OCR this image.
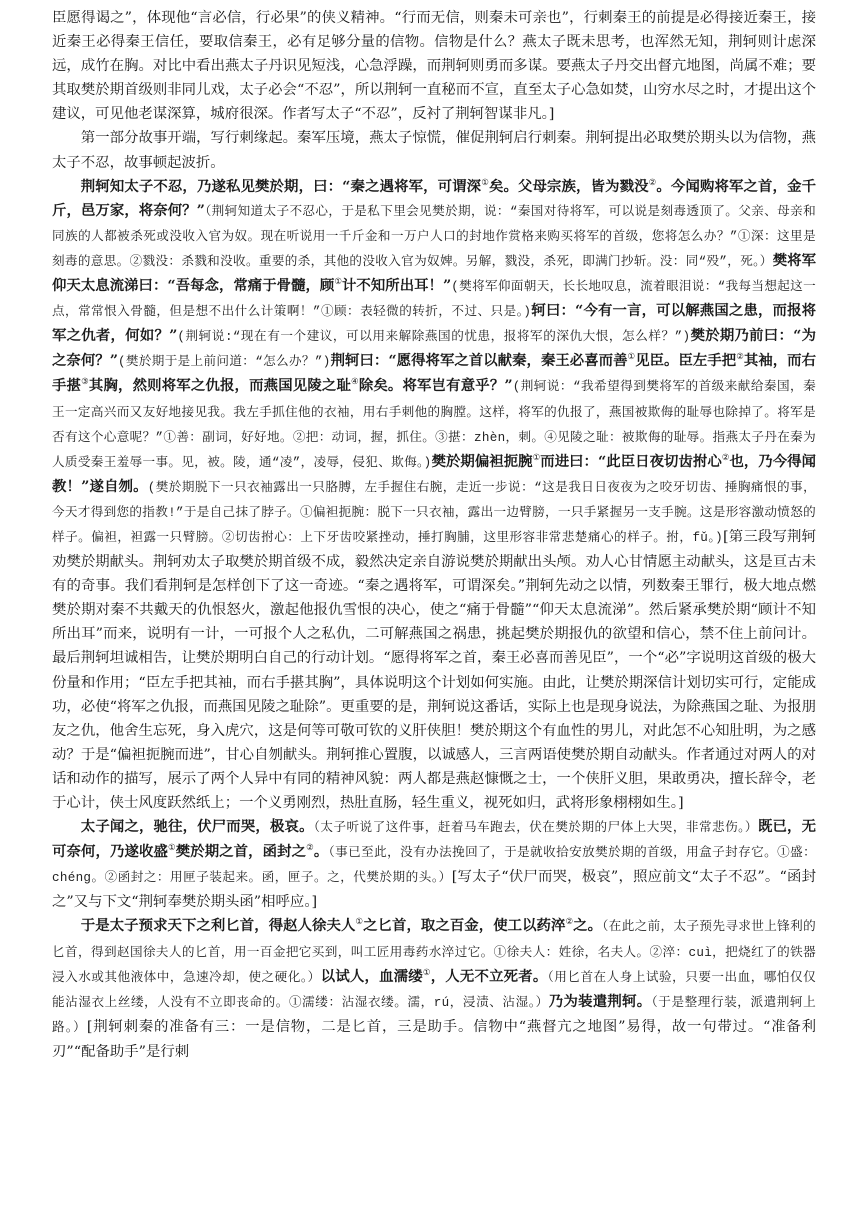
臣愿得谒之”，体现他“言必信，行必果”的侠义精神。“行而无信，则秦未可亲也”，行刺秦王的前提是必得接近秦王，接近秦王必得秦王信任，要取信秦王，必有足够分量的信物。信物是什么？燕太子既未思考，也浑然无知，荆轲则计虑深远，成竹在胸。对比中看出燕太子丹识见短浅，心急浮躁，而荆轲则勇而多谋。要燕太子丹交出督亢地图，尚属不难；要其取樊於期首级则非同儿戏，太子必会“不忍”，所以荆轲一直秘而不宣，直至太子心急如焚，山穷水尽之时，才提出这个建议，可见他老谋深算，城府很深。作者写太子“不忍”，反衬了荆轲智谋非凡。]

第一部分故事开端，写行刺缘起。秦军压境，燕太子惊慌，催促荆轲启行刺秦。荆轲提出必取樊於期头以为信物，燕太子不忍，故事顿起波折。

荆轲知太子不忍，乃遂私见樊於期，曰：“秦之遇将军，可谓深①矣。父母宗族，皆为戮没②。今闻购将军之首，金千斤，邑万家，将奈何？”（荆轲知道太子不忍心，于是私下里会见樊於期，说：“秦国对待将军，可以说是刻毒透顶了。父亲、母亲和同族的人都被杀死或没收入官为奴。现在听说用一千斤金和一万户人口的封地作赏格来购买将军的首级，您将怎么办？”①深：这里是刻毒的意思。②戮没：杀戮和没收。重要的杀，其他的没收入官为奴婢。另解，戮没，杀死，即满门抄斩。没：同“殁”，死。）樊将军仰天太息流涕曰：“吾每念，常痛于骨髓，顾①计不知所出耳！”(樊将军仰面朝天，长长地叹息，流着眼泪说：“我每当想起这一点，常常恨入骨髓，但是想不出什么计策啊！”①顾：表轻微的转折，不过、只是。)轲曰：“今有一言，可以解燕国之患，而报将军之仇者，何如？”(荆轲说:“现在有一个建议，可以用来解除燕国的忧患，报将军的深仇大恨，怎么样？”)樊於期乃前曰：“为之奈何？”(樊於期于是上前问道：“怎么办？”)荆轲曰：“愿得将军之首以献秦，秦王必喜而善①见臣。臣左手把②其袖，而右手揕③其胸，然则将军之仇报，而燕国见陵之耻④除矣。将军岂有意乎？”(荆轲说：“我希望得到樊将军的首级来献给秦国，秦王一定高兴而又友好地接见我。我左手抓住他的衣袖，用右手刺他的胸膛。这样，将军的仇报了，燕国被欺侮的耻辱也除掉了。将军是否有这个心意呢？”①善：副词，好好地。②把：动词，握，抓住。③揕：zhèn，刺。④见陵之耻：被欺侮的耻辱。指燕太子丹在秦为人质受秦王羞辱一事。见，被。陵，通“凌”，凌辱，侵犯、欺侮。)樊於期偏袒扼腕①而进曰：“此臣日夜切齿拊心②也，乃今得闻教！”遂自刎。(樊於期脱下一只衣袖露出一只胳膊，左手握住右腕，走近一步说：“这是我日日夜夜为之咬牙切齿、捶胸痛恨的事，今天才得到您的指教!”于是自己抹了脖子。①偏袒扼腕：脱下一只衣袖，露出一边臂膀，一只手紧握另一支手腕。这是形容激动愤怒的样子。偏袒，袒露一只臂膀。②切齿拊心：上下牙齿咬紧挫动，捶打胸脯，这里形容非常悲楚痛心的样子。拊，fǔ。)[第三段写荆轲劝樊於期献头。荆轲劝太子取樊於期首级不成，毅然决定亲自游说樊於期献出头颅。劝人心甘情愿主动献头，这是亘古未有的奇事。我们看荆轲是怎样创下了这一奇迹。“秦之遇将军，可谓深矣。”荆轲先动之以情，列数秦王罪行，极大地点燃樊於期对秦不共戴天的仇恨怒火，激起他报仇雪恨的决心，使之“痛于骨髓”“仰天太息流涕”。然后紧承樊於期“顾计不知所出耳”而来，说明有一计，一可报个人之私仇，二可解燕国之祸患，挑起樊於期报仇的欲望和信心，禁不住上前问计。最后荆轲坦诚相告，让樊於期明白自己的行动计划。“愿得将军之首，秦王必喜而善见臣”，一个“必”字说明这首级的极大份量和作用；“臣左手把其袖，而右手揕其胸”，具体说明这个计划如何实施。由此，让樊於期深信计划切实可行，定能成功，必使“将军之仇报，而燕国见陵之耻除”。更重要的是，荆轲说这番话，实际上也是现身说法，为除燕国之耻、为报朋友之仇，他舍生忘死，身入虎穴，这是何等可敬可钦的义肝侠胆！樊於期这个有血性的男儿，对此怎不心知肚明，为之感动？于是“偏袒扼腕而进”，甘心自刎献头。荆轲推心置腹，以诚感人，三言两语使樊於期自动献头。作者通过对两人的对话和动作的描写，展示了两个人异中有同的精神风貌：两人都是燕赵慷慨之士，一个侠肝义胆，果敢勇决，擅长辞令，老于心计，侠士风度跃然纸上；一个义勇刚烈，热肚直肠，轻生重义，视死如归，武将形象栩栩如生。]

太子闻之，驰往，伏尸而哭，极哀。（太子听说了这件事，赶着马车跑去，伏在樊於期的尸体上大哭，非常悲伤。）既已，无可奈何，乃遂收盛①樊於期之首，函封之②。（事已至此，没有办法挽回了，于是就收拾安放樊於期的首级，用盒子封存它。①盛：chéng。②函封之：用匣子装起来。函，匣子。之，代樊於期的头。）[写太子“伏尸而哭，极哀”，照应前文“太子不忍”。“函封之”又与下文“荆轲奉樊於期头函”相呼应。]

于是太子预求天下之利匕首，得赵人徐夫人①之匕首，取之百金，使工以药淬②之。（在此之前，太子预先寻求世上锋利的匕首，得到赵国徐夫人的匕首，用一百金把它买到，叫工匠用毒药水淬过它。①徐夫人：姓徐，名夫人。②淬：cuì，把烧红了的铁器浸入水或其他液体中，急速冷却，使之硬化。）以试人，血濡缕①，人无不立死者。（用匕首在人身上试验，只要一出血，哪怕仅仅能沾湿衣上丝缕，人没有不立即丧命的。①濡缕：沾湿衣缕。濡，rú，浸渍、沾湿。）乃为装遣荆轲。（于是整理行装，派遣荆轲上路。）[荆轲刺秦的准备有三：一是信物，二是匕首，三是助手。信物中“燕督亢之地图”易得，故一句带过。“准备利刃”“配备助手”是行刺
